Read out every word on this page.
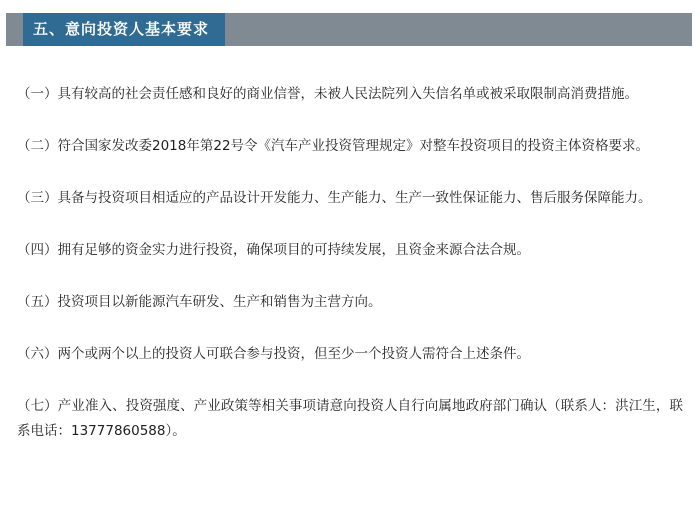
五、意向投资人基本要求

（一）具有较高的社会责任感和良好的商业信誉，未被人民法院列入失信名单或被采取限制高消费措施。

（二）符合国家发改委2018年第22号令《汽车产业投资管理规定》对整车投资项目的投资主体资格要求。

（三）具备与投资项目相适应的产品设计开发能力、生产能力、生产一致性保证能力、售后服务保障能力。

（四）拥有足够的资金实力进行投资，确保项目的可持续发展，且资金来源合法合规。

（五）投资项目以新能源汽车研发、生产和销售为主营方向。

（六）两个或两个以上的投资人可联合参与投资，但至少一个投资人需符合上述条件。

（七）产业准入、投资强度、产业政策等相关事项请意向投资人自行向属地政府部门确认（联系人：洪江生，联系电话：13777860588）。
